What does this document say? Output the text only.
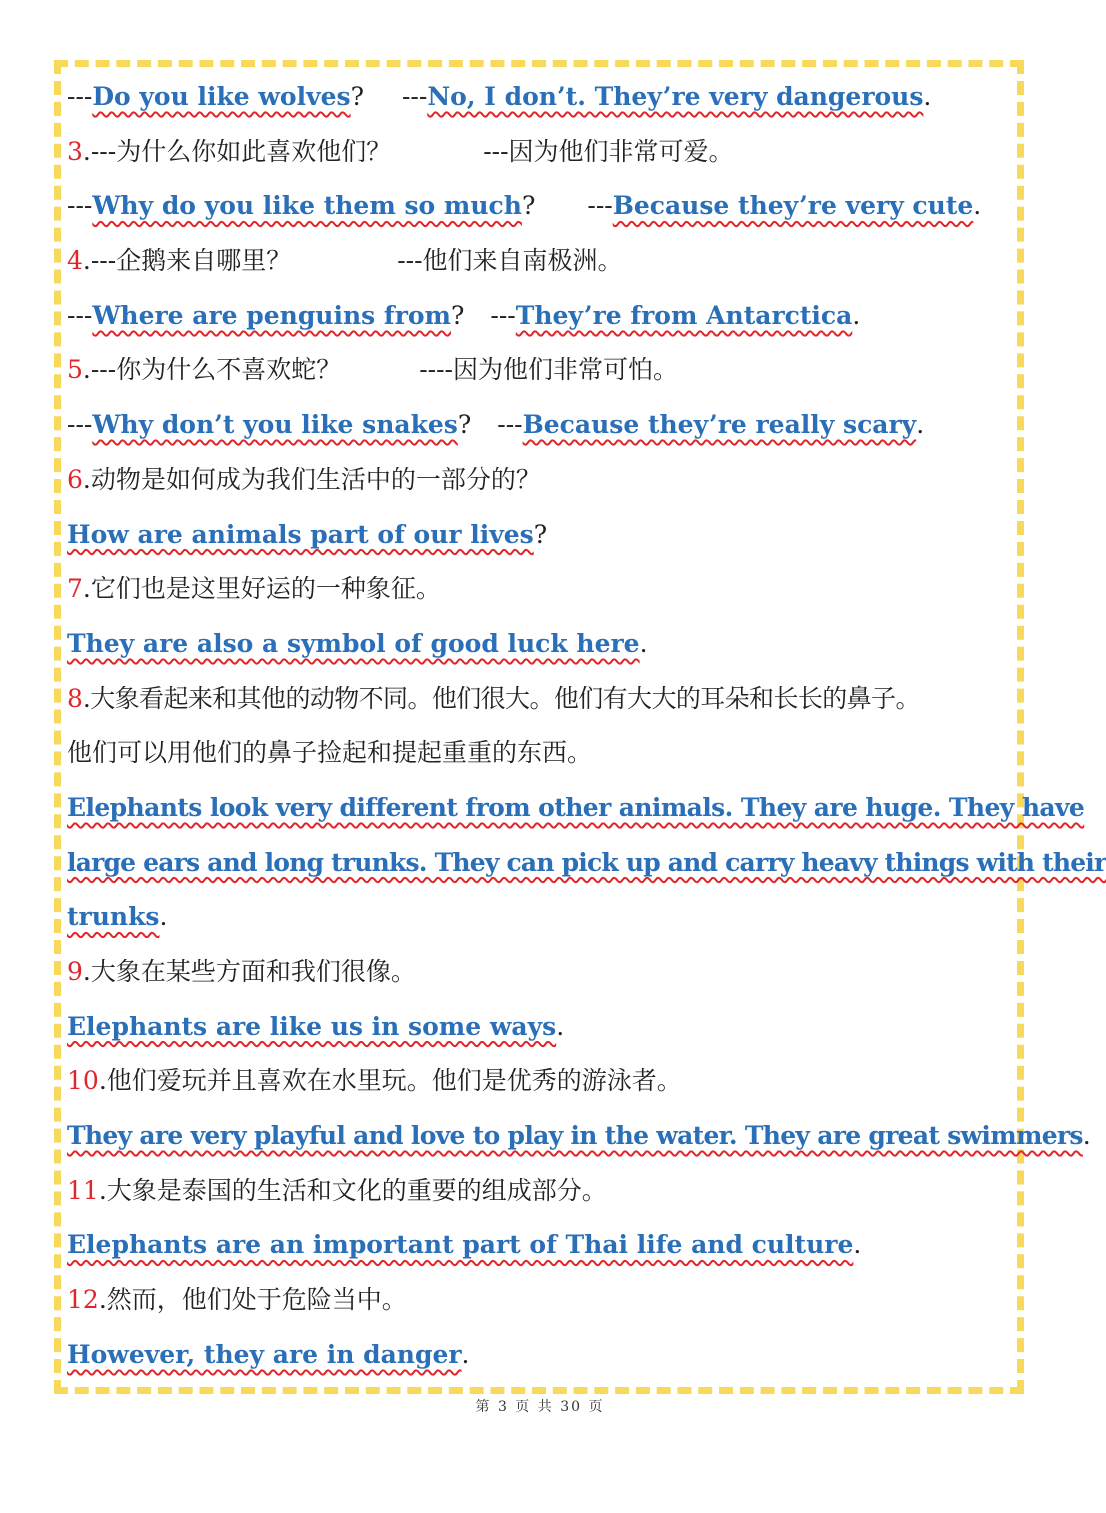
---Do you like wolves? ---No, I don’t. They’re very dangerous.
3.---为什么你如此喜欢他们？	---因为他们非常可爱。
---Why do you like them so much? ---Because they’re very cute.
4.---企鹅来自哪里？	---他们来自南极洲。
---Where are penguins from? ---They’re from Antarctica.
5.---你为什么不喜欢蛇？	----因为他们非常可怕。
---Why don’t you like snakes? ---Because they’re really scary.
6.动物是如何成为我们生活中的一部分的？
How are animals part of our lives?
7.它们也是这里好运的一种象征。
They are also a symbol of good luck here.
8.大象看起来和其他的动物不同。他们很大。他们有大大的耳朵和长长的鼻子。
他们可以用他们的鼻子捡起和提起重重的东西。
Elephants look very different from other animals. They are huge. They have
large ears and long trunks. They can pick up and carry heavy things with their
trunks.
9.大象在某些方面和我们很像。
Elephants are like us in some ways.
10.他们爱玩并且喜欢在水里玩。他们是优秀的游泳者。
They are very playful and love to play in the water. They are great swimmers.
11.大象是泰国的生活和文化的重要的组成部分。
Elephants are an important part of Thai life and culture.
12.然而，他们处于危险当中。
However, they are in danger.
第 3 页 共 30 页
